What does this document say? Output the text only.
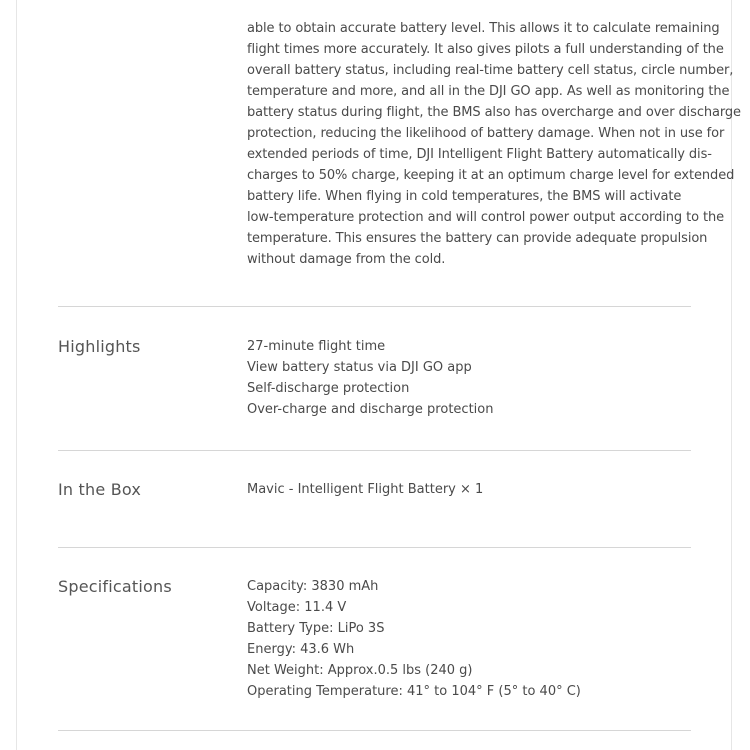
able to obtain accurate battery level. This allows it to calculate remaining
flight times more accurately. It also gives pilots a full understanding of the
overall battery status, including real-time battery cell status, circle number,
temperature and more, and all in the DJI GO app. As well as monitoring the
battery status during flight, the BMS also has overcharge and over discharge
protection, reducing the likelihood of battery damage. When not in use for
extended periods of time, DJI Intelligent Flight Battery automatically dis-
charges to 50% charge, keeping it at an optimum charge level for extended
battery life. When flying in cold temperatures, the BMS will activate
low-temperature protection and will control power output according to the
temperature. This ensures the battery can provide adequate propulsion
without damage from the cold.
Highlights	27-minute flight time
View battery status via DJI GO app
Self-discharge protection
Over-charge and discharge protection
In the Box	Mavic - Intelligent Flight Battery × 1
Specifications	Capacity: 3830 mAh
Voltage: 11.4 V
Battery Type: LiPo 3S
Energy: 43.6 Wh
Net Weight: Approx.0.5 lbs (240 g)
Operating Temperature: 41° to 104° F (5° to 40° C)
